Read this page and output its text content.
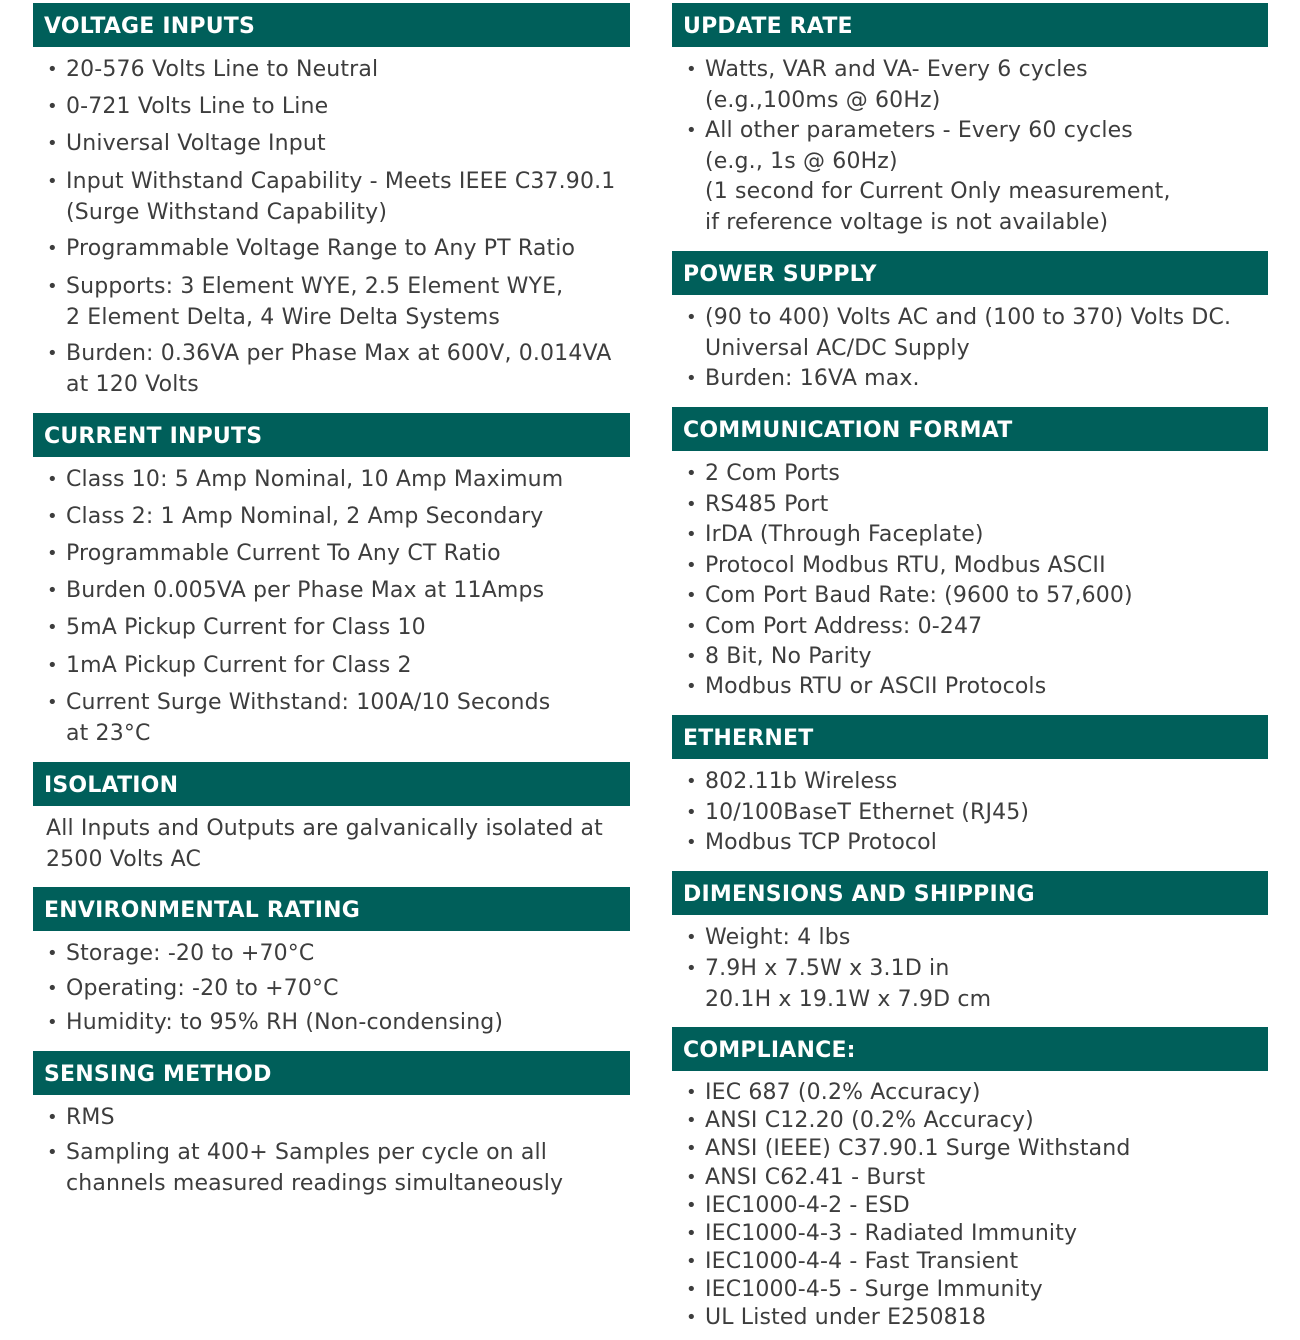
VOLTAGE INPUTS
• 20-576 Volts Line to Neutral
• 0-721 Volts Line to Line
• Universal Voltage Input
• Input Withstand Capability - Meets IEEE C37.90.1
(Surge Withstand Capability)
• Programmable Voltage Range to Any PT Ratio
• Supports: 3 Element WYE, 2.5 Element WYE,
2 Element Delta, 4 Wire Delta Systems
• Burden: 0.36VA per Phase Max at 600V, 0.014VA
at 120 Volts
CURRENT INPUTS
• Class 10: 5 Amp Nominal, 10 Amp Maximum
• Class 2: 1 Amp Nominal, 2 Amp Secondary
• Programmable Current To Any CT Ratio
• Burden 0.005VA per Phase Max at 11Amps
• 5mA Pickup Current for Class 10
• 1mA Pickup Current for Class 2
• Current Surge Withstand: 100A/10 Seconds
at 23°C
ISOLATION
All Inputs and Outputs are galvanically isolated at
2500 Volts AC
ENVIRONMENTAL RATING
• Storage: -20 to +70°C
• Operating: -20 to +70°C
• Humidity: to 95% RH (Non-condensing)
SENSING METHOD
• RMS
• Sampling at 400+ Samples per cycle on all
channels measured readings simultaneously
UPDATE RATE
• Watts, VAR and VA- Every 6 cycles
(e.g.,100ms @ 60Hz)
• All other parameters - Every 60 cycles
(e.g., 1s @ 60Hz)
(1 second for Current Only measurement,
if reference voltage is not available)
POWER SUPPLY
• (90 to 400) Volts AC and (100 to 370) Volts DC.
Universal AC/DC Supply
• Burden: 16VA max.
COMMUNICATION FORMAT
• 2 Com Ports
• RS485 Port
• IrDA (Through Faceplate)
• Protocol Modbus RTU, Modbus ASCII
• Com Port Baud Rate: (9600 to 57,600)
• Com Port Address: 0-247
• 8 Bit, No Parity
• Modbus RTU or ASCII Protocols
ETHERNET
• 802.11b Wireless
• 10/100BaseT Ethernet (RJ45)
• Modbus TCP Protocol
DIMENSIONS AND SHIPPING
• Weight: 4 lbs
• 7.9H x 7.5W x 3.1D in
20.1H x 19.1W x 7.9D cm
COMPLIANCE:
• IEC 687 (0.2% Accuracy)
• ANSI C12.20 (0.2% Accuracy)
• ANSI (IEEE) C37.90.1 Surge Withstand
• ANSI C62.41 - Burst
• IEC1000-4-2 - ESD
• IEC1000-4-3 - Radiated Immunity
• IEC1000-4-4 - Fast Transient
• IEC1000-4-5 - Surge Immunity
• UL Listed under E250818
